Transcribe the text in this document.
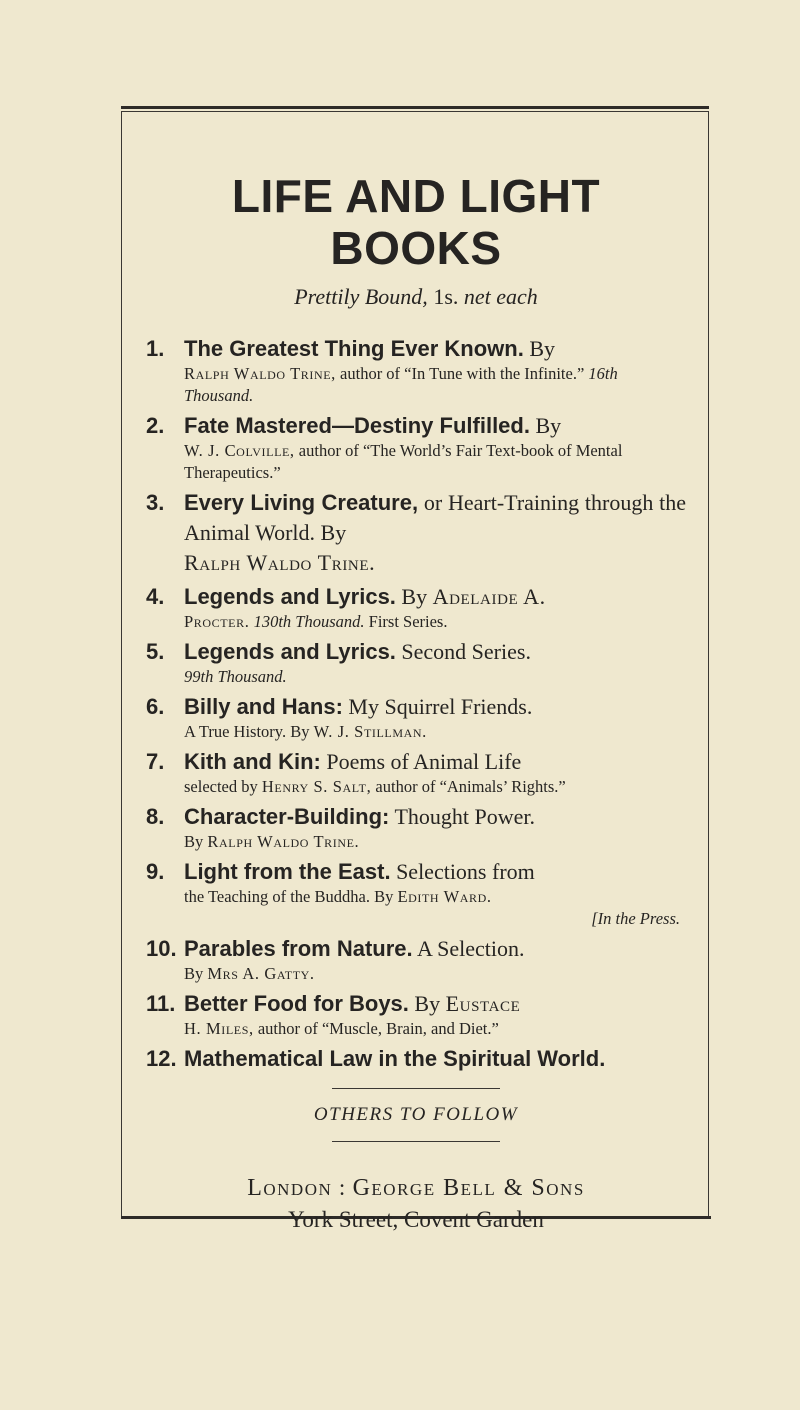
LIFE AND LIGHT BOOKS
Prettily Bound, 1s. net each
1. The Greatest Thing Ever Known. By
Ralph Waldo Trine, author of “In Tune with the Infinite.” 16th Thousand.
2. Fate Mastered—Destiny Fulfilled. By
W. J. Colville, author of “The World’s Fair Text-book of Mental Therapeutics.”
3. Every Living Creature, or Heart-Training through the Animal World. By
Ralph Waldo Trine.
4. Legends and Lyrics. By Adelaide A.
Procter. 130th Thousand. First Series.
5. Legends and Lyrics. Second Series.
99th Thousand.
6. Billy and Hans: My Squirrel Friends.
A True History. By W. J. Stillman.
7. Kith and Kin: Poems of Animal Life
selected by Henry S. Salt, author of “Animals’ Rights.”
8. Character-Building: Thought Power.
By Ralph Waldo Trine.
9. Light from the East. Selections from
the Teaching of the Buddha. By Edith Ward.
[In the Press.
10. Parables from Nature. A Selection.
By Mrs A. Gatty.
11. Better Food for Boys. By Eustace
H. Miles, author of “Muscle, Brain, and Diet.”
12. Mathematical Law in the Spiritual World.
OTHERS TO FOLLOW
London : George Bell & Sons
York Street, Covent Garden
